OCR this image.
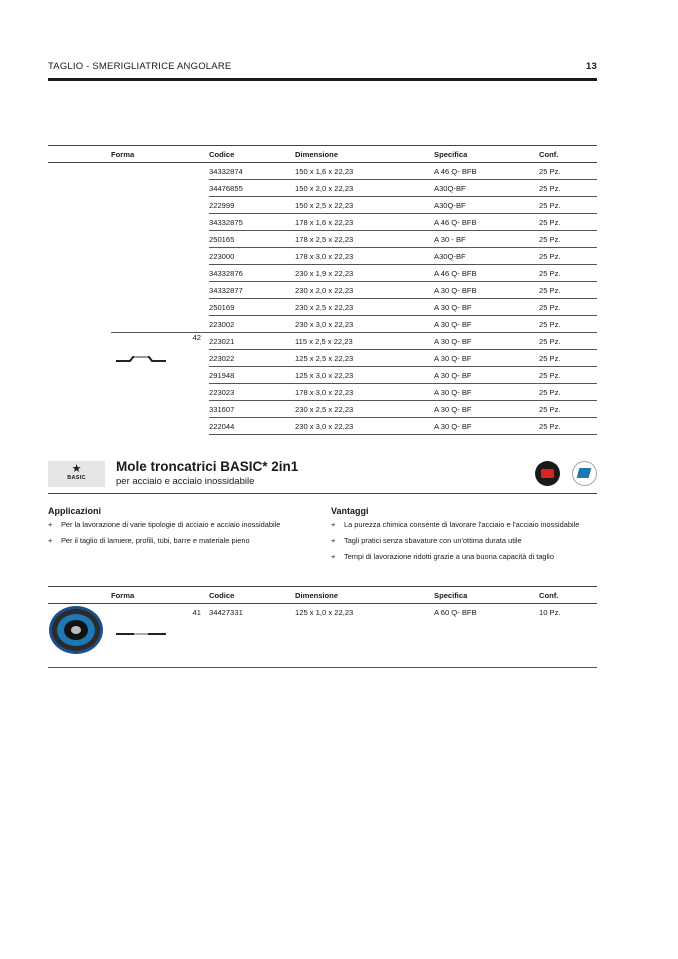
TAGLIO - SMERIGLIATRICE ANGOLARE	13
	Forma	Codice	Dimensione	Specifica	Conf.
		34332874	150 x 1,6 x 22,23	A 46 Q- BFB	25 Pz.
		34476855	150 x 2,0 x 22,23	A30Q-BF	25 Pz.
		222999	150 x 2,5 x 22,23	A30Q-BF	25 Pz.
		34332875	178 x 1,6 x 22,23	A 46 Q- BFB	25 Pz.
		250165	178 x 2,5 x 22,23	A 30 - BF	25 Pz.
		223000	178 x 3,0 x 22,23	A30Q-BF	25 Pz.
		34332876	230 x 1,9 x 22,23	A 46 Q- BFB	25 Pz.
		34332877	230 x 2,0 x 22,23	A 30 Q- BFB	25 Pz.
		250169	230 x 2,5 x 22,23	A 30 Q- BF	25 Pz.
		223002	230 x 3,0 x 22,23	A 30 Q- BF	25 Pz.
	42	223021	115 x 2,5 x 22,23	A 30 Q- BF	25 Pz.
		223022	125 x 2,5 x 22,23	A 30 Q- BF	25 Pz.
		291948	125 x 3,0 x 22,23	A 30 Q- BF	25 Pz.
		223023	178 x 3,0 x 22,23	A 30 Q- BF	25 Pz.
		331607	230 x 2,5 x 22,23	A 30 Q- BF	25 Pz.
		222044	230 x 3,0 x 22,23	A 30 Q- BF	25 Pz.
★
BASIC
Mole troncatrici BASIC* 2in1
per acciaio e acciaio inossidabile
Applicazioni
+ Per la lavorazione di varie tipologie di acciaio e acciaio inossidabile
+ Per il taglio di lamiere, profili, tubi, barre e materiale pieno
Vantaggi
+ La purezza chimica consente di lavorare l'acciaio e l'acciaio inossidabile
+ Tagli pratici senza sbavature con un'ottima durata utile
+ Tempi di lavorazione ridotti grazie a una buona capacità di taglio
	Forma	Codice	Dimensione	Specifica	Conf.
	41	34427331	125 x 1,0 x 22,23	A 60 Q- BFB	10 Pz.
